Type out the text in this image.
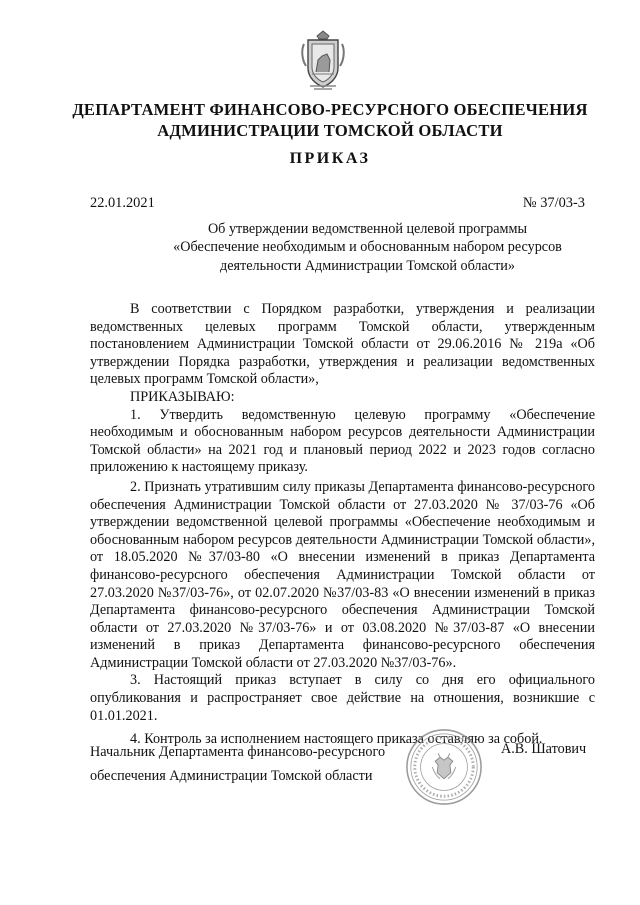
ДЕПАРТАМЕНТ ФИНАНСОВО-РЕСУРСНОГО ОБЕСПЕЧЕНИЯ
АДМИНИСТРАЦИИ ТОМСКОЙ ОБЛАСТИ
ПРИКАЗ
22.01.2021	№ 37/03-3
Об утверждении ведомственной целевой программы
«Обеспечение необходимым и обоснованным набором ресурсов
деятельности Администрации Томской области»

В соответствии с Порядком разработки, утверждения и реализации ведомственных целевых программ Томской области, утвержденным постановлением Администрации Томской области от 29.06.2016 № 219а «Об утверждении Порядка разработки, утверждения и реализации ведомственных целевых программ Томской области»,

ПРИКАЗЫВАЮ:

1. Утвердить ведомственную целевую программу «Обеспечение необходимым и обоснованным набором ресурсов деятельности Администрации Томской области» на 2021 год и плановый период 2022 и 2023 годов согласно приложению к настоящему приказу.

2. Признать утратившим силу приказы Департамента финансово-ресурсного обеспечения Администрации Томской области от 27.03.2020 № 37/03-76 «Об утверждении ведомственной целевой программы «Обеспечение необходимым и обоснованным набором ресурсов деятельности Администрации Томской области», от 18.05.2020 №37/03-80 «О внесении изменений в приказ Департамента финансово-ресурсного обеспечения Администрации Томской области от 27.03.2020 №37/03-76», от 02.07.2020 №37/03-83 «О внесении изменений в приказ Департамента финансово-ресурсного обеспечения Администрации Томской области от 27.03.2020 №37/03-76» и от 03.08.2020 №37/03-87 «О внесении изменений в приказ Департамента финансово-ресурсного обеспечения Администрации Томской области от 27.03.2020 №37/03-76».

3. Настоящий приказ вступает в силу со дня его официального опубликования и распространяет свое действие на отношения, возникшие с 01.01.2021.

4. Контроль за исполнением настоящего приказа оставляю за собой.

Начальник Департамента финансово-ресурсного
обеспечения Администрации Томской области
А.В. Шатович
